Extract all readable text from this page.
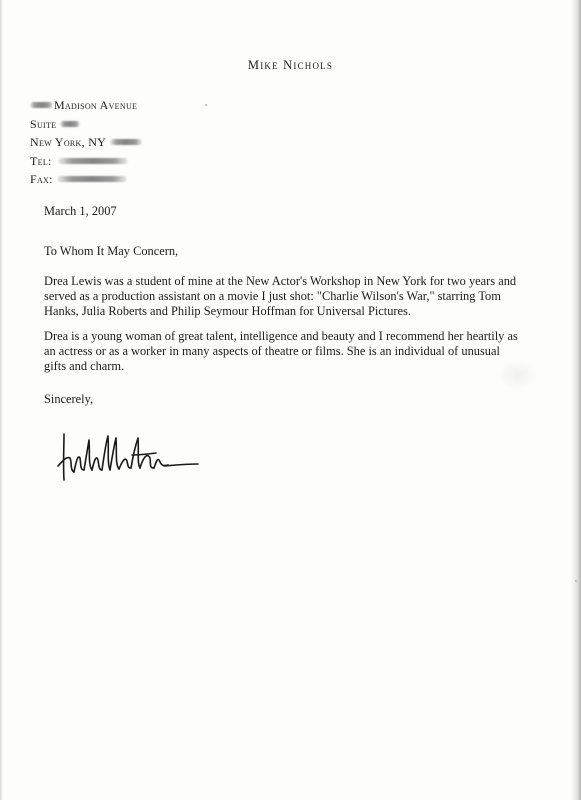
Mike Nichols
Madison Avenue
Suite
New York, NY
Tel:
Fax:
March 1, 2007
To Whom It May Concern,
Drea Lewis was a student of mine at the New Actor's Workshop in New York for two years and served as a production assistant on a movie I just shot: "Charlie Wilson's War," starring Tom Hanks, Julia Roberts and Philip Seymour Hoffman for Universal Pictures.
Drea is a young woman of great talent, intelligence and beauty and I recommend her heartily as an actress or as a worker in many aspects of theatre or films. She is an individual of unusual gifts and charm.
Sincerely,
